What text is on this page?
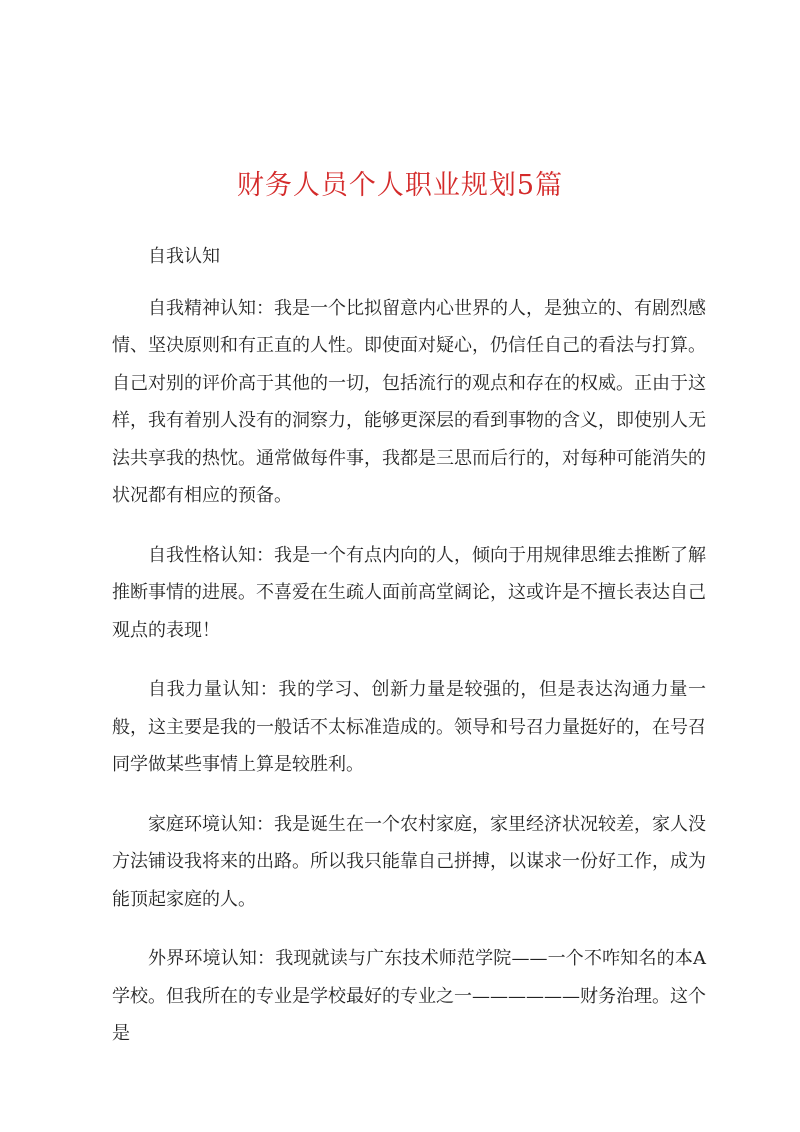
财务人员个人职业规划5篇

自我认知

自我精神认知：我是一个比拟留意内心世界的人，是独立的、有剧烈感情、坚决原则和有正直的人性。即使面对疑心，仍信任自己的看法与打算。自己对别的评价高于其他的一切，包括流行的观点和存在的权威。正由于这样，我有着别人没有的洞察力，能够更深层的看到事物的含义，即使别人无法共享我的热忱。通常做每件事，我都是三思而后行的，对每种可能消失的状况都有相应的预备。

自我性格认知：我是一个有点内向的人，倾向于用规律思维去推断了解推断事情的进展。不喜爱在生疏人面前高堂阔论，这或许是不擅长表达自己观点的表现！

自我力量认知：我的学习、创新力量是较强的，但是表达沟通力量一般，这主要是我的一般话不太标准造成的。领导和号召力量挺好的，在号召同学做某些事情上算是较胜利。

家庭环境认知：我是诞生在一个农村家庭，家里经济状况较差，家人没方法铺设我将来的出路。所以我只能靠自己拼搏，以谋求一份好工作，成为能顶起家庭的人。

外界环境认知：我现就读与广东技术师范学院——一个不咋知名的本A学校。但我所在的专业是学校最好的专业之一——————财务治理。这个是
